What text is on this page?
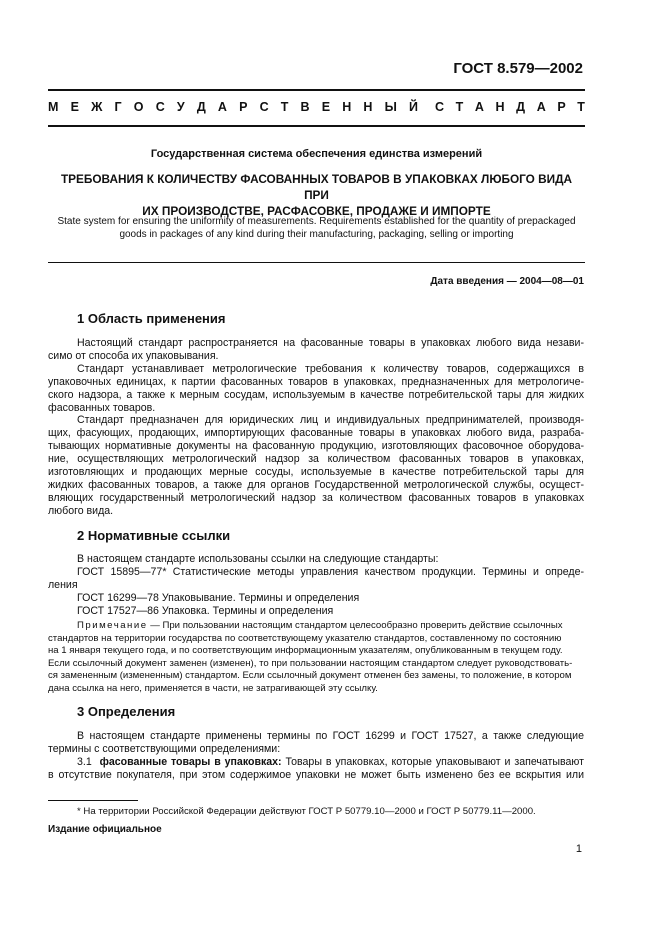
ГОСТ 8.579—2002
М Е Ж Г О С У Д А Р С Т В Е Н Н Ы Й С Т А Н Д А Р Т
Государственная система обеспечения единства измерений
ТРЕБОВАНИЯ К КОЛИЧЕСТВУ ФАСОВАННЫХ ТОВАРОВ В УПАКОВКАХ ЛЮБОГО ВИДА ПРИ
ИХ ПРОИЗВОДСТВЕ, РАСФАСОВКЕ, ПРОДАЖЕ И ИМПОРТЕ
State system for ensuring the uniformity of measurements. Requirements established for the quantity of prepackaged
goods in packages of any kind during their manufacturing, packaging, selling or importing
Дата введения — 2004—08—01
1 Область применения
Настоящий стандарт распространяется на фасованные товары в упаковках любого вида незави-
симо от способа их упаковывания.
Стандарт устанавливает метрологические требования к количеству товаров, содержащихся в
упаковочных единицах, к партии фасованных товаров в упаковках, предназначенных для метрологиче-
ского надзора, а также к мерным сосудам, используемым в качестве потребительской тары для жидких
фасованных товаров.
Стандарт предназначен для юридических лиц и индивидуальных предпринимателей, производя-
щих, фасующих, продающих, импортирующих фасованные товары в упаковках любого вида, разраба-
тывающих нормативные документы на фасованную продукцию, изготовляющих фасовочное оборудова-
ние, осуществляющих метрологический надзор за количеством фасованных товаров в упаковках,
изготовляющих и продающих мерные сосуды, используемые в качестве потребительской тары для
жидких фасованных товаров, а также для органов Государственной метрологической службы, осущест-
вляющих государственный метрологический надзор за количеством фасованных товаров в упаковках
любого вида.
2 Нормативные ссылки
В настоящем стандарте использованы ссылки на следующие стандарты:
ГОСТ 15895—77* Статистические методы управления качеством продукции. Термины и опреде-
ления
ГОСТ 16299—78 Упаковывание. Термины и определения
ГОСТ 17527—86 Упаковка. Термины и определения
Примечание — При пользовании настоящим стандартом целесообразно проверить действие ссылочных
стандартов на территории государства по соответствующему указателю стандартов, составленному по состоянию
на 1 января текущего года, и по соответствующим информационным указателям, опубликованным в текущем году.
Если ссылочный документ заменен (изменен), то при пользовании настоящим стандартом следует руководствовать-
ся замененным (измененным) стандартом. Если ссылочный документ отменен без замены, то положение, в котором
дана ссылка на него, применяется в части, не затрагивающей эту ссылку.
3 Определения
В настоящем стандарте применены термины по ГОСТ 16299 и ГОСТ 17527, а также следующие
термины с соответствующими определениями:
3.1 фасованные товары в упаковках: Товары в упаковках, которые упаковывают и запечатывают
в отсутствие покупателя, при этом содержимое упаковки не может быть изменено без ее вскрытия или
* На территории Российской Федерации действуют ГОСТ Р 50779.10—2000 и ГОСТ Р 50779.11—2000.
Издание официальное
1
